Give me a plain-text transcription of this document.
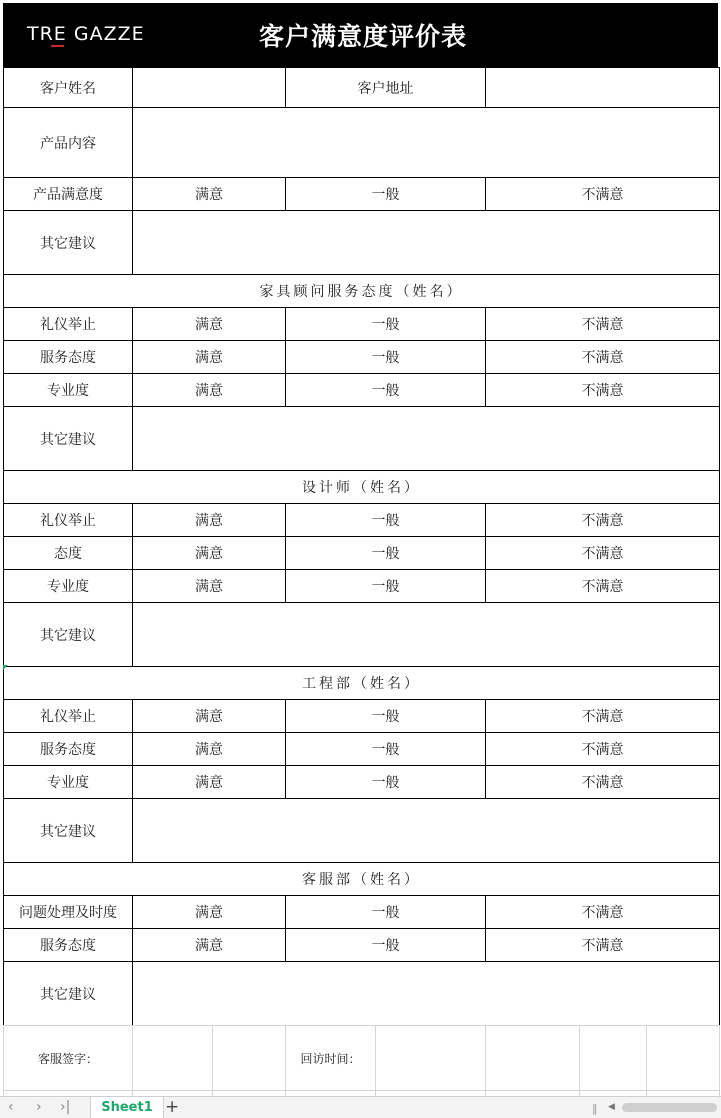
TRE GAZZE	客户满意度评价表
客户姓名		客户地址	
产品内容			
产品满意度	满意	一般	不满意
其它建议			
家具顾问服务态度（姓名）			
礼仪举止	满意	一般	不满意
服务态度	满意	一般	不满意
专业度	满意	一般	不满意
其它建议			
设计师（姓名）			
礼仪举止	满意	一般	不满意
态度	满意	一般	不满意
专业度	满意	一般	不满意
其它建议			
工程部（姓名）			
礼仪举止	满意	一般	不满意
服务态度	满意	一般	不满意
专业度	满意	一般	不满意
其它建议			
客服部（姓名）			
问题处理及时度	满意	一般	不满意
服务态度	满意	一般	不满意
其它建议			
客服签字：			回访时间：				

‹ › ›|	Sheet1 +	‖ ◀
